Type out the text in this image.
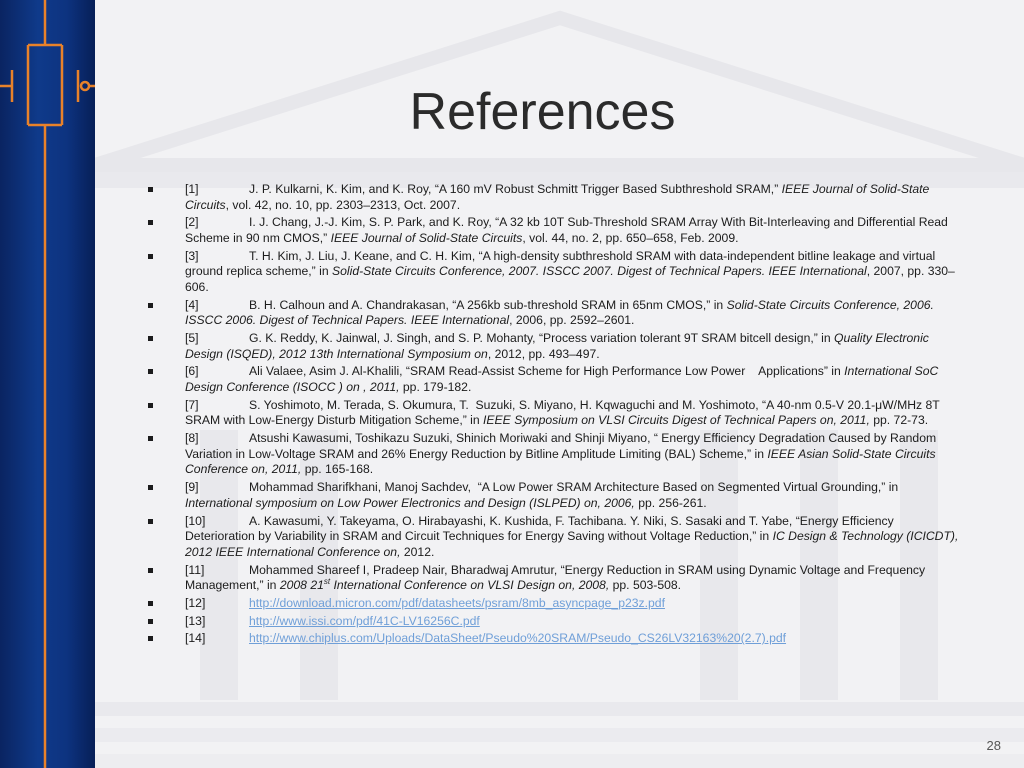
References
[1]	J. P. Kulkarni, K. Kim, and K. Roy, “A 160 mV Robust Schmitt Trigger Based Subthreshold SRAM,” IEEE Journal of Solid-State Circuits, vol. 42, no. 10, pp. 2303–2313, Oct. 2007.
[2]	I. J. Chang, J.-J. Kim, S. P. Park, and K. Roy, “A 32 kb 10T Sub-Threshold SRAM Array With Bit-Interleaving and Differential Read Scheme in 90 nm CMOS,” IEEE Journal of Solid-State Circuits, vol. 44, no. 2, pp. 650–658, Feb. 2009.
[3]	T. H. Kim, J. Liu, J. Keane, and C. H. Kim, “A high-density subthreshold SRAM with data-independent bitline leakage and virtual ground replica scheme,” in Solid-State Circuits Conference, 2007. ISSCC 2007. Digest of Technical Papers. IEEE International, 2007, pp. 330–606.
[4]	B. H. Calhoun and A. Chandrakasan, “A 256kb sub-threshold SRAM in 65nm CMOS,” in Solid-State Circuits Conference, 2006. ISSCC 2006. Digest of Technical Papers. IEEE International, 2006, pp. 2592–2601.
[5]	G. K. Reddy, K. Jainwal, J. Singh, and S. P. Mohanty, “Process variation tolerant 9T SRAM bitcell design,” in Quality Electronic Design (ISQED), 2012 13th International Symposium on, 2012, pp. 493–497.
[6]	Ali Valaee, Asim J. Al-Khalili, “SRAM Read-Assist Scheme for High Performance Low Power    Applications” in International SoC Design Conference (ISOCC ) on , 2011, pp. 179-182.
[7]	S. Yoshimoto, M. Terada, S. Okumura, T.  Suzuki, S. Miyano, H. Kqwaguchi and M. Yoshimoto, “A 40-nm 0.5-V 20.1-μW/MHz 8T SRAM with Low-Energy Disturb Mitigation Scheme,” in IEEE Symposium on VLSI Circuits Digest of Technical Papers on, 2011, pp. 72-73.
[8]	Atsushi Kawasumi, Toshikazu Suzuki, Shinich Moriwaki and Shinji Miyano, “ Energy Efficiency Degradation Caused by Random Variation in Low-Voltage SRAM and 26% Energy Reduction by Bitline Amplitude Limiting (BAL) Scheme,” in IEEE Asian Solid-State Circuits Conference on, 2011, pp. 165-168.
[9]	Mohammad Sharifkhani, Manoj Sachdev,  “A Low Power SRAM Architecture Based on Segmented Virtual Grounding,” in International symposium on Low Power Electronics and Design (ISLPED) on, 2006, pp. 256-261.
[10]	A. Kawasumi, Y. Takeyama, O. Hirabayashi, K. Kushida, F. Tachibana. Y. Niki, S. Sasaki and T. Yabe, “Energy Efficiency Deterioration by Variability in SRAM and Circuit Techniques for Energy Saving without Voltage Reduction,” in IC Design & Technology (ICICDT), 2012 IEEE International Conference on, 2012.
[11]	Mohammed Shareef I, Pradeep Nair, Bharadwaj Amrutur, “Energy Reduction in SRAM using Dynamic Voltage and Frequency Management,” in 2008 21st International Conference on VLSI Design on, 2008, pp. 503-508.
[12]	http://download.micron.com/pdf/datasheets/psram/8mb_asyncpage_p23z.pdf
[13]	http://www.issi.com/pdf/41C-LV16256C.pdf
[14]	http://www.chiplus.com/Uploads/DataSheet/Pseudo%20SRAM/Pseudo_CS26LV32163%20(2.7).pdf
28
